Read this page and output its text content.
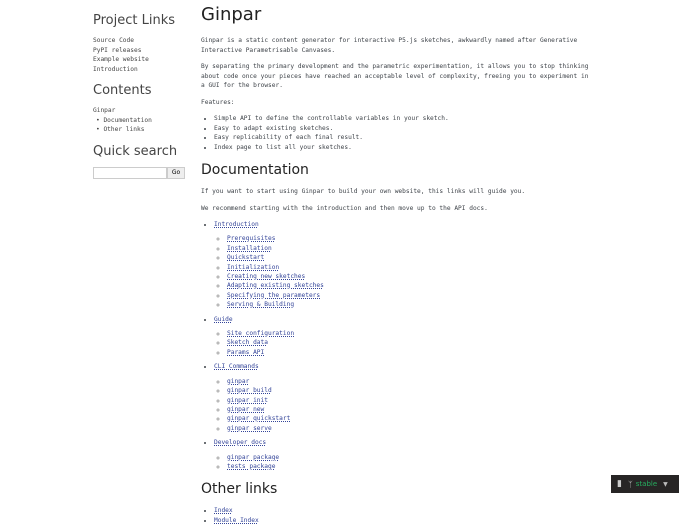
Project Links
Source Code
PyPI releases
Example website
Introduction
Contents
Ginpar
• Documentation
• Other links
Quick search
Go
Ginpar

Ginpar is a static content generator for interactive P5.js sketches, awkwardly named after Generative Interactive Parametrisable Canvases.

By separating the primary development and the parametric experimentation, it allows you to stop thinking about code once your pieces have reached an acceptable level of complexity, freeing you to experiment in a GUI for the browser.

Features:

• Simple API to define the controllable variables in your sketch.
• Easy to adapt existing sketches.
• Easy replicability of each final result.
• Index page to list all your sketches.
Documentation

If you want to start using Ginpar to build your own website, this links will guide you.

We recommend starting with the introduction and then move up to the API docs.

• Introduction
◦ Prerequisites
◦ Installation
◦ Quickstart
◦ Initialization
◦ Creating new sketches
◦ Adapting existing sketches
◦ Specifying the parameters
◦ Serving & Building
• Guide
◦ Site configuration
◦ Sketch data
◦ Params API
• CLI Commands
◦ ginpar
◦ ginpar build
◦ ginpar init
◦ ginpar new
◦ ginpar quickstart
◦ ginpar serve
• Developer docs
◦ ginpar package
◦ tests package
Other links
• Index
• Module Index
▮ ᛉ stable ▼
